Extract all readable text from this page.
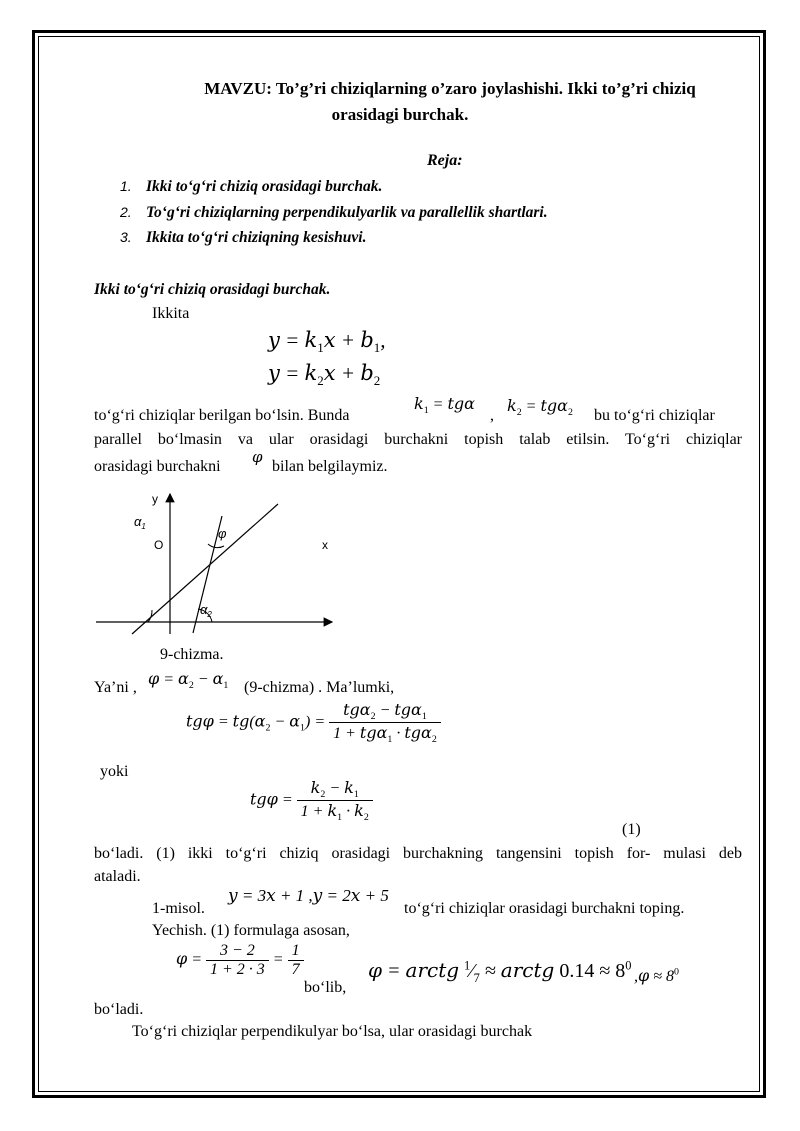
MAVZU: To’g’ri chiziqlarning o’zaro joylashishi. Ikki to’g’ri chiziq
orasidagi burchak.
Reja:
1. Ikki to‘g‘ri chiziq orasidagi burchak.
2. To‘g‘ri chiziqlarning perpendikulyarlik va parallellik shartlari.
3. Ikkita to‘g‘ri chiziqning kesishuvi.
Ikki to‘g‘ri chiziq orasidagi burchak.
Ikkita
$y = k_1x + b_1$,
$y = k_2x + b_2$
to‘g‘ri chiziqlar berilgan bo‘lsin. Bunda
$k_1 = tg\alpha$
,
$k_2 = tg\alpha_2$ bu to‘g‘ri chiziqlar
parallel bo‘lmasin va ular orasidagi burchakni topish talab etilsin. To‘g‘ri chiziqlar
orasidagi burchakni
φ
bilan belgilaymiz.
y
x
O
$\alpha_1$
$\alpha_2$
φ
9-chizma.
Ya’ni , $\varphi = \alpha_2 - \alpha_1$ (9-chizma) . Ma’lumki,
$tg\varphi = tg(\alpha_2 - \alpha_1) = \frac{tg\alpha_2 - tg\alpha_1}{1 + tg\alpha_1 \cdot tg\alpha_2}$
yoki
$tg\varphi = \frac{k_2 - k_1}{1 + k_1 \cdot k_2}$
(1)
bo‘ladi. (1) ikki to‘g‘ri chiziq orasidagi burchakning tangensini topish for- mulasi deb
ataladi.
1-misol.
y = 3x + 1 ,y = 2x + 5
to‘g‘ri chiziqlar orasidagi burchakni toping.
Yechish. (1) formulaga asosan,
$\varphi = \frac{3 - 2}{1 + 2 \cdot 3} = \frac{1}{7}$
bo‘lib,
φ = arctg $^1⁄_7$ ≈ arctg $0.14 \approx 8^0$
$,\varphi \approx 8^0$
bo‘ladi.
To‘g‘ri chiziqlar perpendikulyar bo‘lsa, ular orasidagi burchak
